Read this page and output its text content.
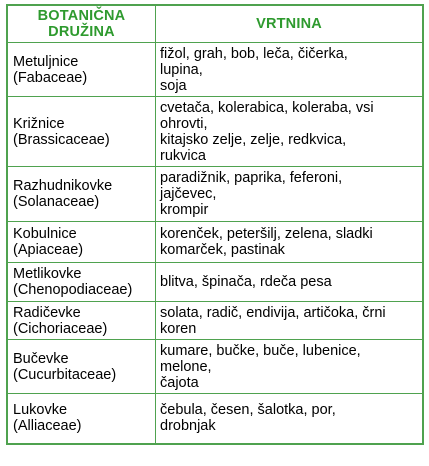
BOTANIČNA
DRUŽINA	VRTNINA

Metuljnice
(Fabaceae)	fižol, grah, bob, leča, čičerka,
lupina,
soja

Križnice
(Brassicaceae)	cvetača, kolerabica, koleraba, vsi
ohrovti,
kitajsko zelje, zelje, redkvica,
rukvica

Razhudnikovke
(Solanaceae)	paradižnik, paprika, feferoni,
jajčevec,
krompir

Kobulnice
(Apiaceae)	korenček, peteršilj, zelena, sladki
komarček, pastinak

Metlikovke
(Chenopodiaceae)	blitva, špinača, rdeča pesa

Radičevke
(Cichoriaceae)	solata, radič, endivija, artičoka, črni
koren

Bučevke
(Cucurbitaceae)	kumare, bučke, buče, lubenice,
melone,
čajota

Lukovke
(Alliaceae)	čebula, česen, šalotka, por,
drobnjak
